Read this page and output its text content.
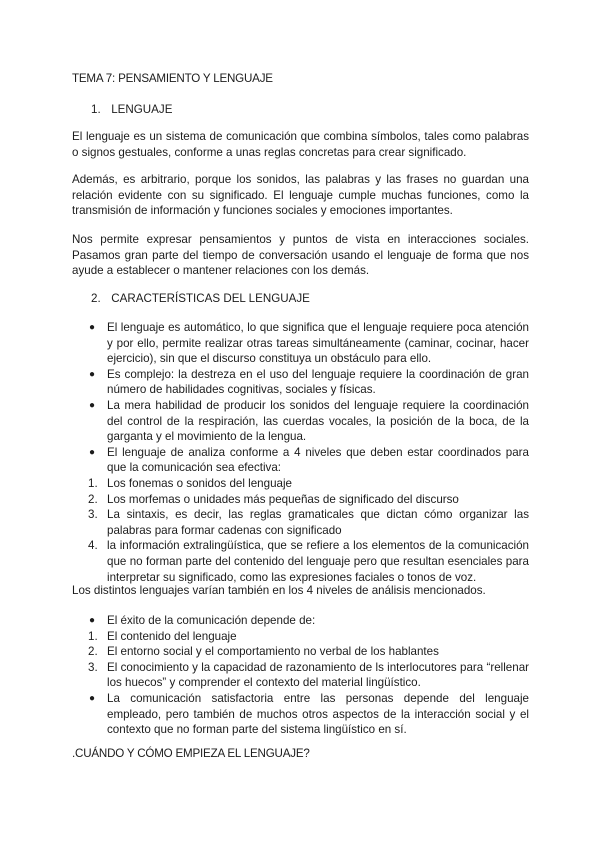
TEMA 7: PENSAMIENTO Y LENGUAJE
1. LENGUAJE

El lenguaje es un sistema de comunicación que combina símbolos, tales como palabras o signos gestuales, conforme a unas reglas concretas para crear significado.

Además, es arbitrario, porque los sonidos, las palabras y las frases no guardan una relación evidente con su significado. El lenguaje cumple muchas funciones, como la transmisión de información y funciones sociales y emociones importantes.

Nos permite expresar pensamientos y puntos de vista en interacciones sociales. Pasamos gran parte del tiempo de conversación usando el lenguaje de forma que nos ayude a establecer o mantener relaciones con los demás.

2. CARACTERÍSTICAS DEL LENGUAJE
● El lenguaje es automático, lo que significa que el lenguaje requiere poca atención y por ello, permite realizar otras tareas simultáneamente (caminar, cocinar, hacer ejercicio), sin que el discurso constituya un obstáculo para ello.
● Es complejo: la destreza en el uso del lenguaje requiere la coordinación de gran número de habilidades cognitivas, sociales y físicas.
● La mera habilidad de producir los sonidos del lenguaje requiere la coordinación del control de la respiración, las cuerdas vocales, la posición de la boca, de la garganta y el movimiento de la lengua.
● El lenguaje de analiza conforme a 4 niveles que deben estar coordinados para que la comunicación sea efectiva:
1. Los fonemas o sonidos del lenguaje
2. Los morfemas o unidades más pequeñas de significado del discurso
3. La sintaxis, es decir, las reglas gramaticales que dictan cómo organizar las palabras para formar cadenas con significado
4. la información extralingüística, que se refiere a los elementos de la comunicación que no forman parte del contenido del lenguaje pero que resultan esenciales para interpretar su significado, como las expresiones faciales o tonos de voz.

Los distintos lenguajes varían también en los 4 niveles de análisis mencionados.

● El éxito de la comunicación depende de:
1. El contenido del lenguaje
2. El entorno social y el comportamiento no verbal de los hablantes
3. El conocimiento y la capacidad de razonamiento de ls interlocutores para “rellenar los huecos” y comprender el contexto del material lingüístico.
● La comunicación satisfactoria entre las personas depende del lenguaje empleado, pero también de muchos otros aspectos de la interacción social y el contexto que no forman parte del sistema lingüístico en sí.
.CUÁNDO Y CÓMO EMPIEZA EL LENGUAJE?
